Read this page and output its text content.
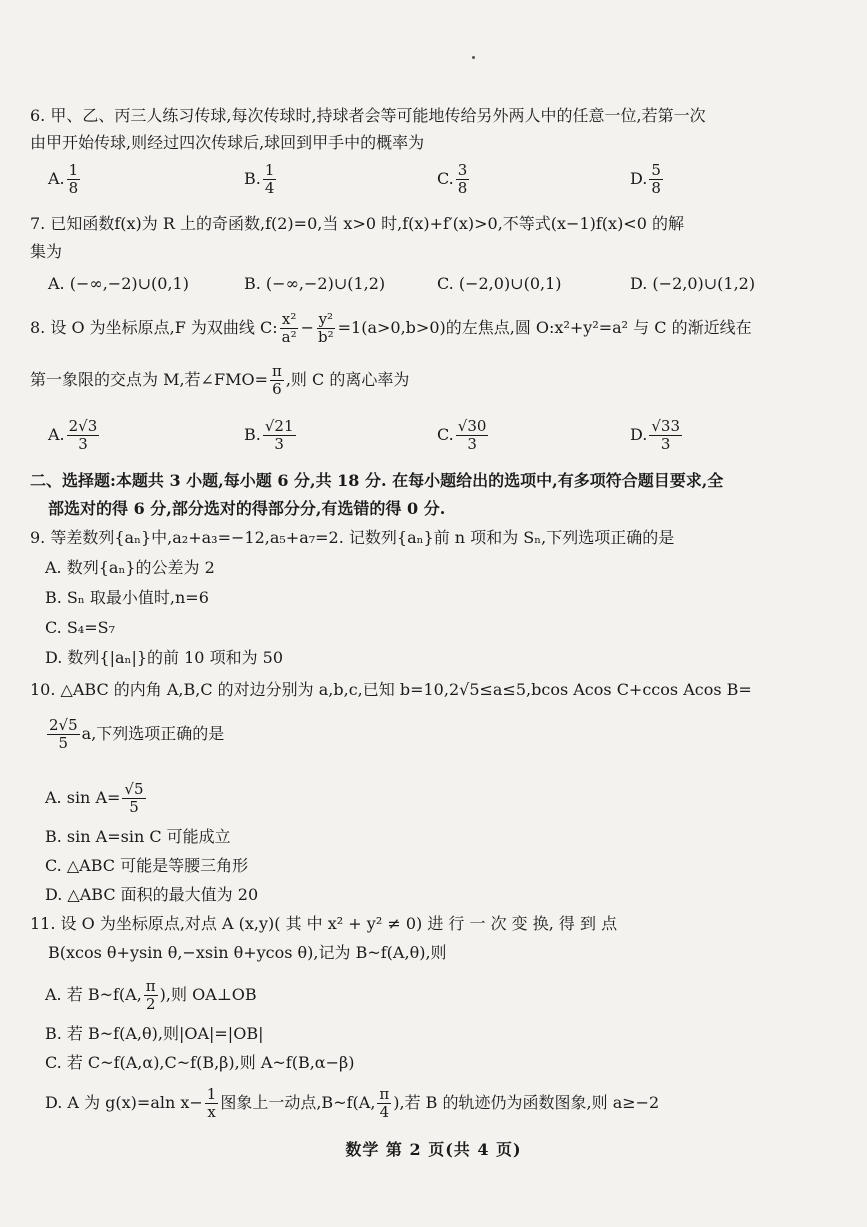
6. 甲、乙、丙三人练习传球,每次传球时,持球者会等可能地传给另外两人中的任意一位,若第一次
由甲开始传球,则经过四次传球后,球回到甲手中的概率为
A. $\frac{1}{8}$	B. $\frac{1}{4}$	C. $\frac{3}{8}$	D. $\frac{5}{8}$
7. 已知函数f(x)为 R 上的奇函数,f(2)=0,当 x>0 时,f(x)+f′(x)>0,不等式(x−1)f(x)<0 的解
集为
A. (−∞,−2)∪(0,1)	B. (−∞,−2)∪(1,2)	C. (−2,0)∪(0,1)	D. (−2,0)∪(1,2)
8. 设 O 为坐标原点,F 为双曲线 C: $\frac{\text{x²}}{\text{a²}} - \frac{\text{y²}}{\text{b²}} =1(a>0,b>0)$的左焦点,圆 O:x²+y²=a² 与 C 的渐近线在
第一象限的交点为 M,若∠FMO= $\frac{\pi}{6}$ ,则 C 的离心率为
A. $\frac{2√3}{3}$	B. $\frac{√21}{3}$	C. $\frac{√30}{3}$	D. $\frac{√33}{3}$
二、选择题:本题共 3 小题,每小题 6 分,共 18 分. 在每小题给出的选项中,有多项符合题目要求,全
部选对的得 6 分,部分选对的得部分分,有选错的得 0 分.
9. 等差数列{aₙ}中,a₂+a₃=−12,a₅+a₇=2. 记数列{aₙ}前 n 项和为 Sₙ,下列选项正确的是
A. 数列{aₙ}的公差为 2
B. Sₙ 取最小值时,n=6
C. S₄=S₇
D. 数列{|aₙ|}的前 10 项和为 50
10. △ABC 的内角 A,B,C 的对边分别为 a,b,c,已知 b=10,2√5≤a≤5,bcos Acos C+ccos Acos B=
$\frac{2√5}{5} a$,下列选项正确的是
A. $\sin A= \frac{√5}{5}$
B. sin A=sin C 可能成立
C. △ABC 可能是等腰三角形
D. △ABC 面积的最大值为 20
11. 设 O 为坐标原点,对点 A (x,y)( 其 中 x² + y² ≠ 0) 进 行 一 次 变 换, 得 到 点
B(xcos θ+ysin θ,−xsin θ+ycos θ),记为 B~f(A,θ),则
A. 若 B~f(A, $\frac{\pi}{2}$ ),则 OA⊥OB
B. 若 B~f(A,θ),则|OA|=|OB|
C. 若 C~f(A,α),C~f(B,β),则 A~f(B,α−β)
D. A 为 g(x)=aln $x- \frac{1}{x}$ 图象上一动点,B~f(A, $\frac{\pi}{4}$ ),若 B 的轨迹仍为函数图象,则 a≥−2
数学 第 2 页(共 4 页)
